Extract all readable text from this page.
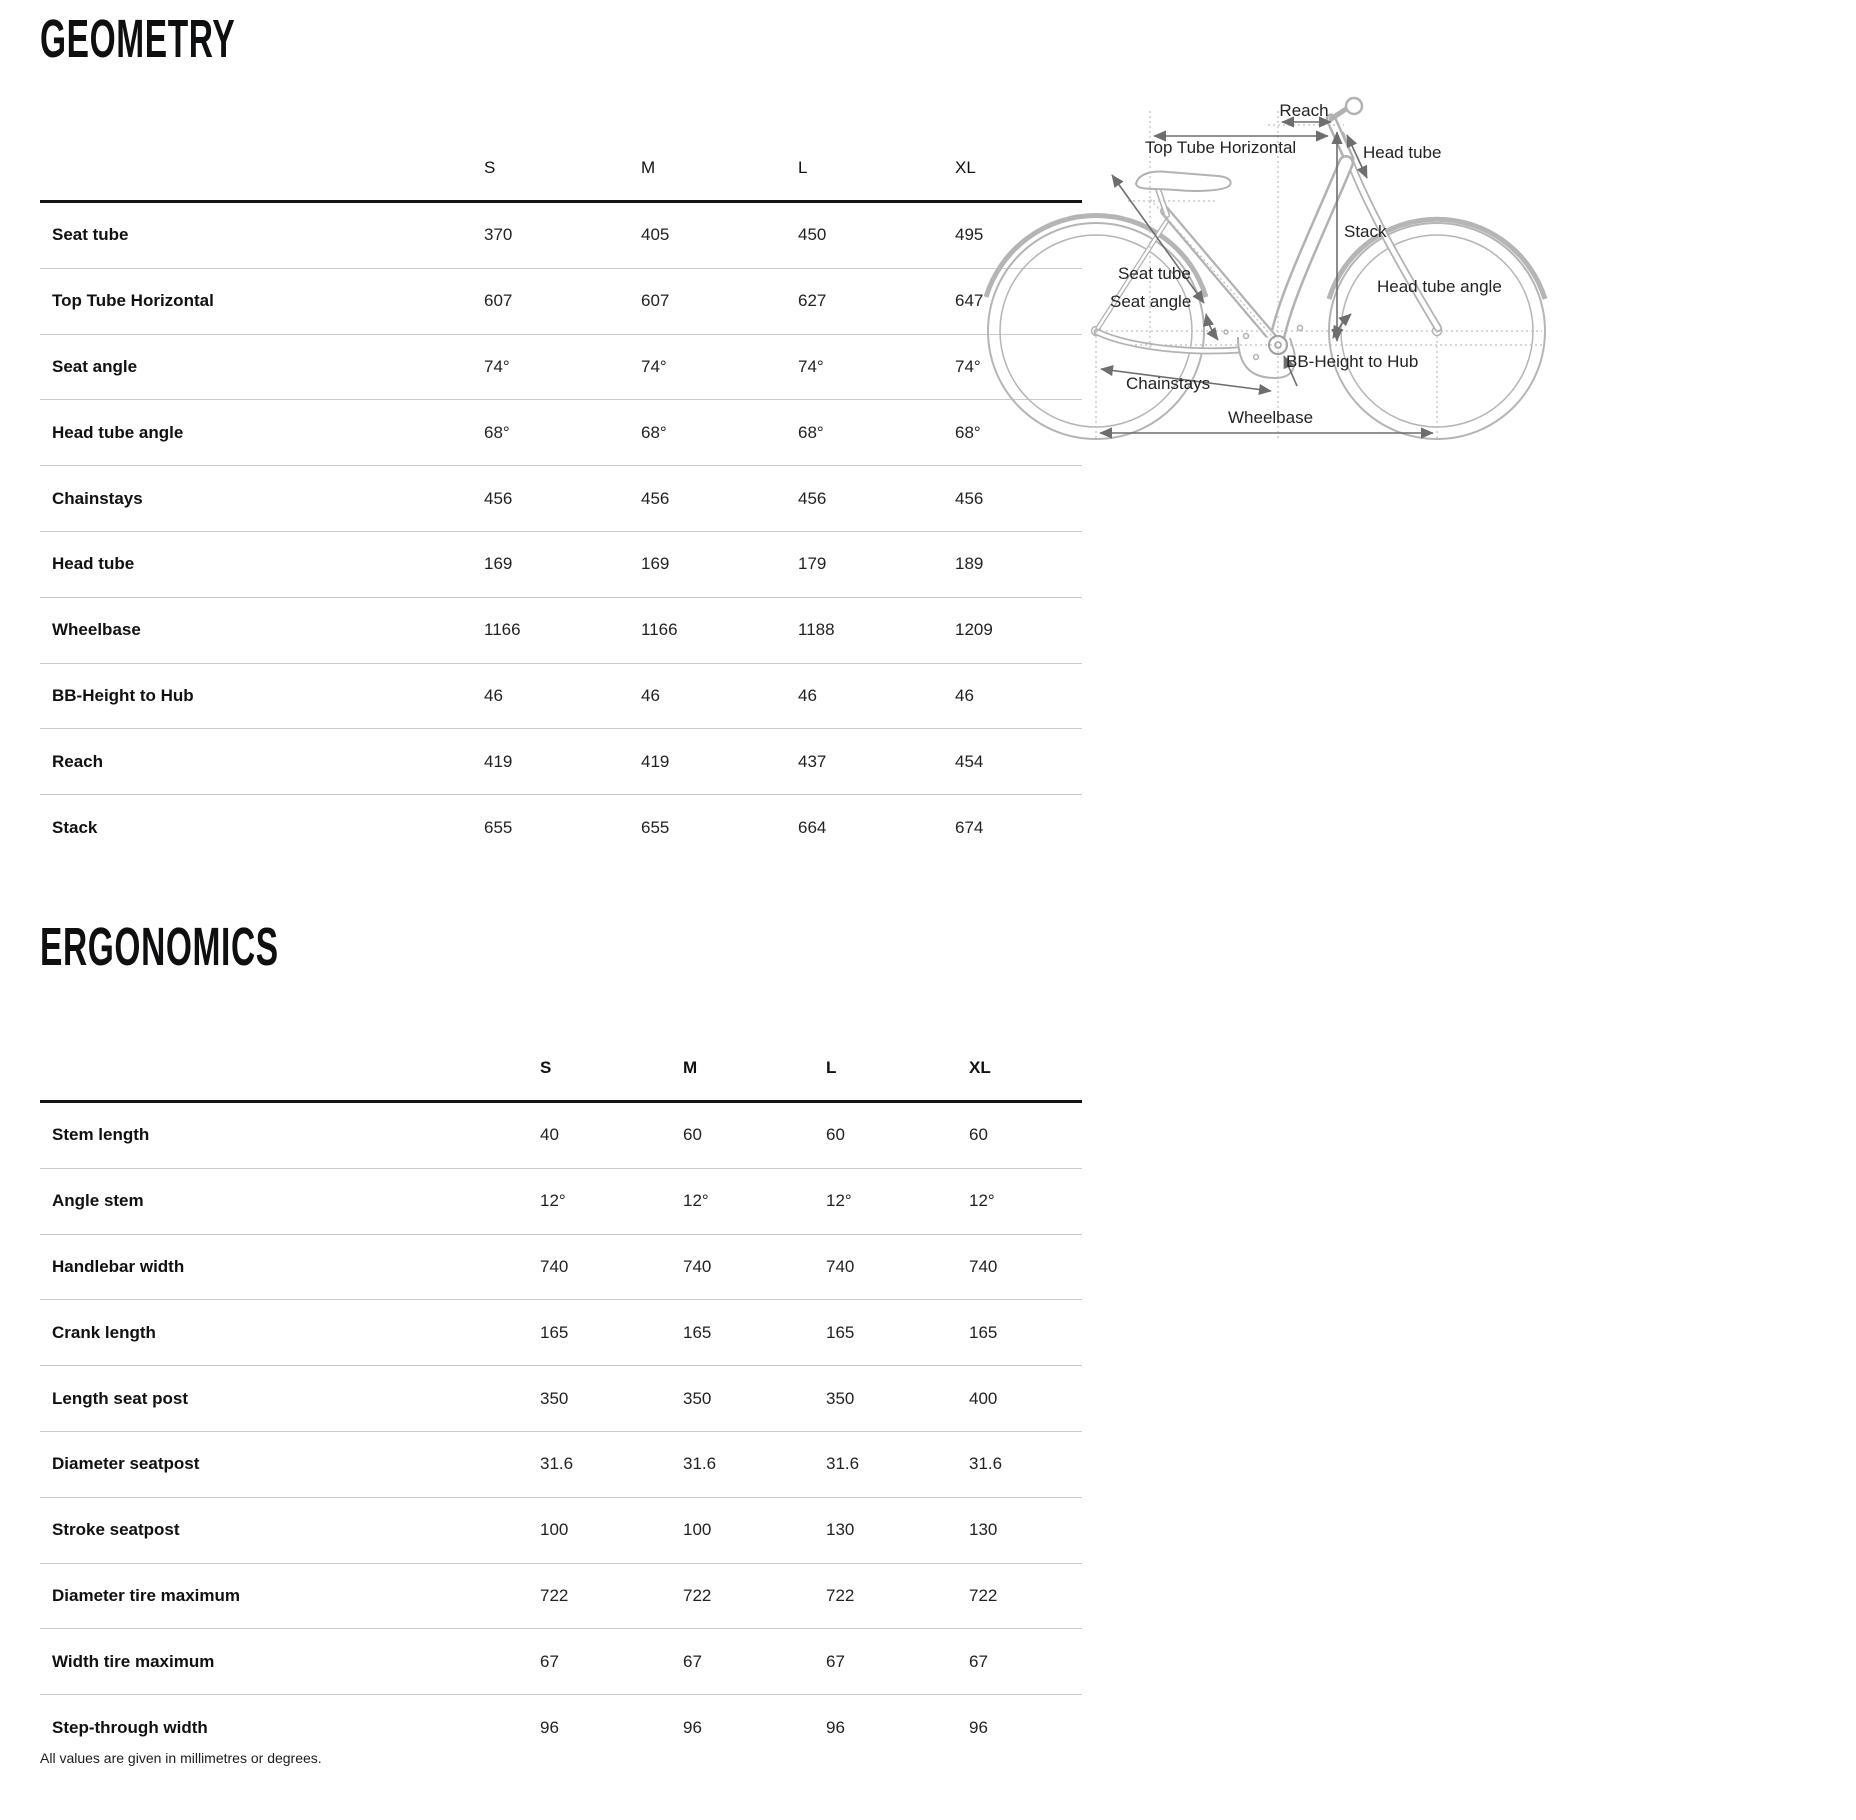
GEOMETRY
	S	M	L	XL
Seat tube	370	405	450	495
Top Tube Horizontal	607	607	627	647
Seat angle	74°	74°	74°	74°
Head tube angle	68°	68°	68°	68°
Chainstays	456	456	456	456
Head tube	169	169	179	189
Wheelbase	1166	1166	1188	1209
BB-Height to Hub	46	46	46	46
Reach	419	419	437	454
Stack	655	655	664	674
ERGONOMICS
	S	M	L	XL
Stem length	40	60	60	60
Angle stem	12°	12°	12°	12°
Handlebar width	740	740	740	740
Crank length	165	165	165	165
Length seat post	350	350	350	400
Diameter seatpost	31.6	31.6	31.6	31.6
Stroke seatpost	100	100	130	130
Diameter tire maximum	722	722	722	722
Width tire maximum	67	67	67	67
Step-through width	96	96	96	96
All values are given in millimetres or degrees.
Reach
Top Tube Horizontal	Head tube
Stack
Seat tube
Seat angle
Head tube angle
BB-Height to Hub
Chainstays
Wheelbase
